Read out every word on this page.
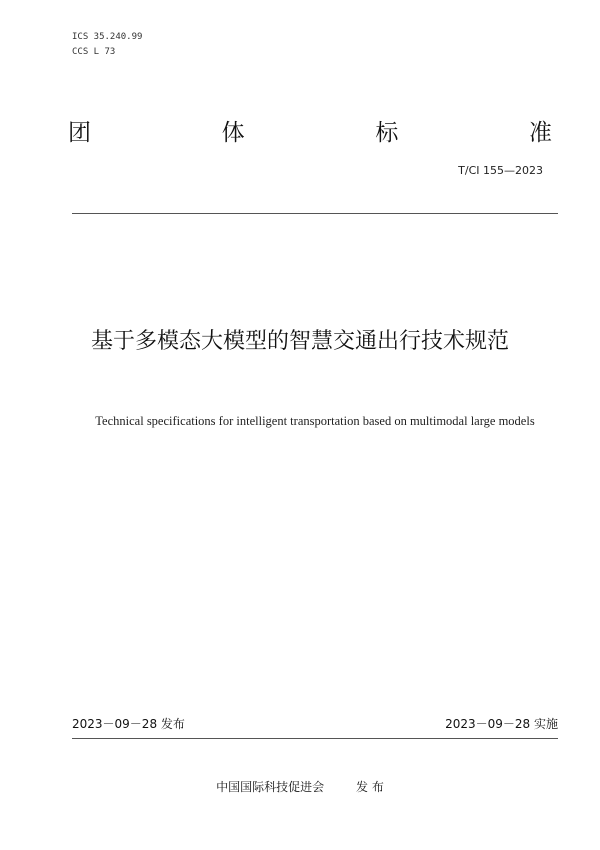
ICS 35.240.99
CCS L 73
团	体	标	准
T/CI 155—2023
基于多模态大模型的智慧交通出行技术规范
Technical specifications for intelligent transportation based on multimodal large models
2023－09－28 发布	2023－09－28 实施
中国国际科技促进会	发 布
